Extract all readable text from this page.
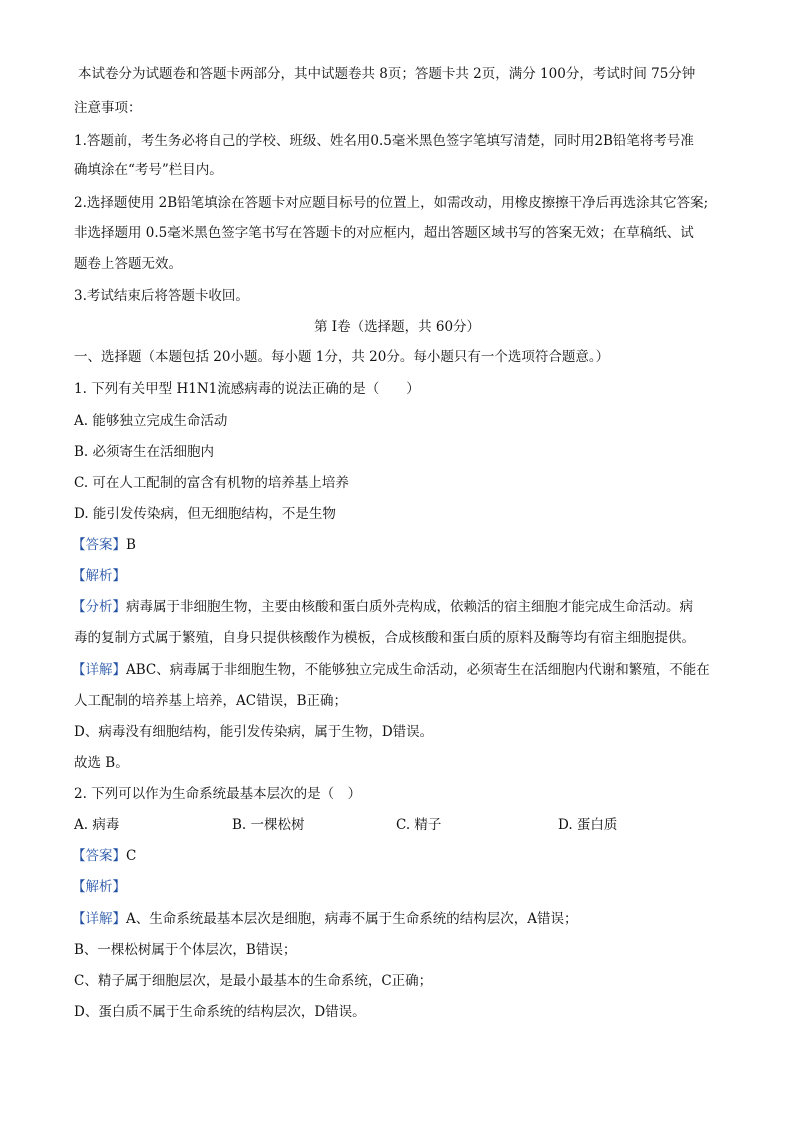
本试卷分为试题卷和答题卡两部分，其中试题卷共 8页；答题卡共 2页，满分 100分，考试时间 75分钟
注意事项：
1.答题前，考生务必将自己的学校、班级、姓名用0.5毫米黑色签字笔填写清楚，同时用2B铅笔将考号准
确填涂在“考号”栏目内。
2.选择题使用 2B铅笔填涂在答题卡对应题目标号的位置上，如需改动，用橡皮擦擦干净后再选涂其它答案;
非选择题用 0.5毫米黑色签字笔书写在答题卡的对应框内，超出答题区域书写的答案无效；在草稿纸、试
题卷上答题无效。
3.考试结束后将答题卡收回。
第 I卷（选择题，共 60分）
一、选择题（本题包括 20小题。每小题 1分，共 20分。每小题只有一个选项符合题意。）
1. 下列有关甲型 H1N1流感病毒的说法正确的是（　　）
A. 能够独立完成生命活动
B. 必须寄生在活细胞内
C. 可在人工配制的富含有机物的培养基上培养
D. 能引发传染病，但无细胞结构，不是生物
【答案】B
【解析】
【分析】病毒属于非细胞生物，主要由核酸和蛋白质外壳构成，依赖活的宿主细胞才能完成生命活动。病
毒的复制方式属于繁殖，自身只提供核酸作为模板，合成核酸和蛋白质的原料及酶等均有宿主细胞提供。
【详解】ABC、病毒属于非细胞生物，不能够独立完成生命活动，必须寄生在活细胞内代谢和繁殖，不能在
人工配制的培养基上培养，AC错误，B正确；
D、病毒没有细胞结构，能引发传染病，属于生物，D错误。
故选 B。
2. 下列可以作为生命系统最基本层次的是（　）
A. 病毒	B. 一棵松树	C. 精子	D. 蛋白质
【答案】C
【解析】
【详解】A、生命系统最基本层次是细胞，病毒不属于生命系统的结构层次，A错误；
B、一棵松树属于个体层次，B错误；
C、精子属于细胞层次，是最小最基本的生命系统，C正确；
D、蛋白质不属于生命系统的结构层次，D错误。
